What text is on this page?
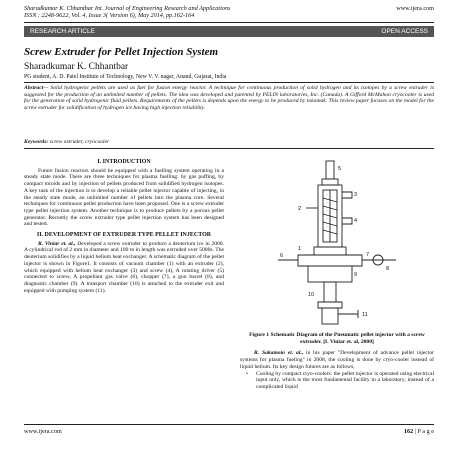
Sharadkumar K. Chhantbar Int. Journal of Engineering Research and Applications
ISSN : 2248-9622, Vol. 4, Issue 3( Version 6), May 2014, pp.162-164
www.ijera.com
RESEARCH ARTICLE	OPEN ACCESS
Screw Extruder for Pellet Injection System
Sharadkumar K. Chhantbar
PG student, A. D. Patel Institute of Technology, New V. V. nagar, Anand, Gujarat, India
Abstract— Solid hydrogenic pellets are used as fuel for fusion energy reactor. A technique for continuous production of solid hydrogen and its isotopes by a screw extruder is suggested for the production of an unlimited number of pellets. The idea was developed and patented by PELIN laboratories, Inc. (Canada). A Gifford McMahon cryocooler is used for the generation of solid hydrogenic fluid pellets. Requirements of the pellets is depends upon the energy to be produced by tokamak. This review paper focuses on the model for the screw extruder for solidification of hydrogen ice having high injection reliability.
Keywords: screw extruder, cryocooler
I. INTRODUCTION
Future fusion reactors should be equipped with a fuelling system operating in a steady state mode. There are three techniques for plasma fuelling: by gas puffing, by compact toroids and by injection of pellets produced from solidified hydrogen isotopes. A key task of the injection is to develop a reliable pellet injector capable of injecting, in the steady state mode, an unlimited number of pellets into the plasma core. Several techniques for continuous pellet production have been proposed. One is a screw extruder type pellet injection system. Another technique is to produce pellets by a porous pellet generator. Recently the screw extruder type pellet injection system has been designed and tested.
II. DEVELOPMENT OF EXTRUDER TYPE PELLET INJECTOR
R. Viniar et. al., Developed a screw extruder to produce a deuterium ice in 2000. A cylindrical rod of 2 mm in diameter and 100 m in length was extruded over 5000s. The deuterium solidifies by a liquid helium heat exchanger. A schematic diagram of the pellet injector is shown in Figure1. It consists of vacuum chamber (1) with an extruder (2), which equipped with helium heat exchanger (3) and screw (4), A rotating driver (5) connected to screw, A propellant gas valve (6), chopper (7), a gun barrel (8), and diagnostic chamber (9). A transport chamber (10) is attached to the extruder exit and equipped with pumping system (11).
5
3
4
2
1
6	7
8
9
10
11
Figure 1 Schematic Diagram of the Pneumatic pellet injector with a screw extruder. [I. Viniar et. al, 2000]
R. Sakamoto et. al., in his paper "Development of advance pellet injector systems for plasma fueling" in 2008, the cooling is done by cryo-cooler instead of liquid helium. Its key design futures are as follows,
• Cooling by compact cryo-coolers: the pellet injector is operated using electrical input only, which is the most fundamental facility in a laboratory, instead of a complicated liquid
www.ijera.com	162 | P a g e
